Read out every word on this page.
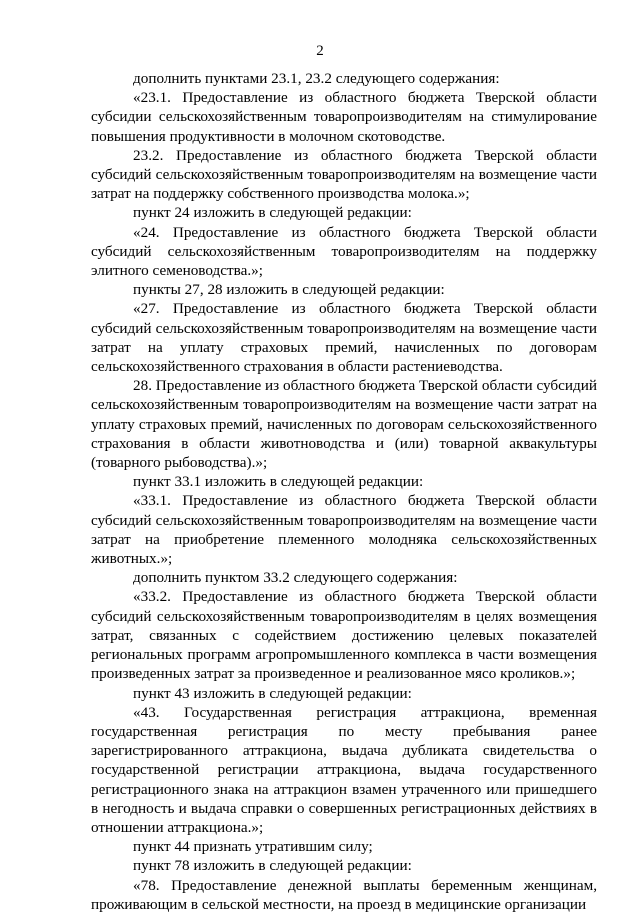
2

дополнить пунктами 23.1, 23.2 следующего содержания:

«23.1. Предоставление из областного бюджета Тверской области субсидии сельскохозяйственным товаропроизводителям на стимулирование повышения продуктивности в молочном скотоводстве.

23.2. Предоставление из областного бюджета Тверской области субсидий сельскохозяйственным товаропроизводителям на возмещение части затрат на поддержку собственного производства молока.»;

пункт 24 изложить в следующей редакции:

«24. Предоставление из областного бюджета Тверской области субсидий сельскохозяйственным товаропроизводителям на поддержку элитного семеноводства.»;

пункты 27, 28 изложить в следующей редакции:

«27. Предоставление из областного бюджета Тверской области субсидий сельскохозяйственным товаропроизводителям на возмещение части затрат на уплату страховых премий, начисленных по договорам сельскохозяйственного страхования в области растениеводства.

28. Предоставление из областного бюджета Тверской области субсидий сельскохозяйственным товаропроизводителям на возмещение части затрат на уплату страховых премий, начисленных по договорам сельскохозяйственного страхования в области животноводства и (или) товарной аквакультуры (товарного рыбоводства).»;

пункт 33.1 изложить в следующей редакции:

«33.1. Предоставление из областного бюджета Тверской области субсидий сельскохозяйственным товаропроизводителям на возмещение части затрат на приобретение племенного молодняка сельскохозяйственных животных.»;

дополнить пунктом 33.2 следующего содержания:

«33.2. Предоставление из областного бюджета Тверской области субсидий сельскохозяйственным товаропроизводителям в целях возмещения затрат, связанных с содействием достижению целевых показателей региональных программ агропромышленного комплекса в части возмещения произведенных затрат за произведенное и реализованное мясо кроликов.»;

пункт 43 изложить в следующей редакции:

«43. Государственная регистрация аттракциона, временная государственная регистрация по месту пребывания ранее зарегистрированного аттракциона, выдача дубликата свидетельства о государственной регистрации аттракциона, выдача государственного регистрационного знака на аттракцион взамен утраченного или пришедшего в негодность и выдача справки о совершенных регистрационных действиях в отношении аттракциона.»;

пункт 44 признать утратившим силу;

пункт 78 изложить в следующей редакции:

«78. Предоставление денежной выплаты беременным женщинам, проживающим в сельской местности, на проезд в медицинские организации
